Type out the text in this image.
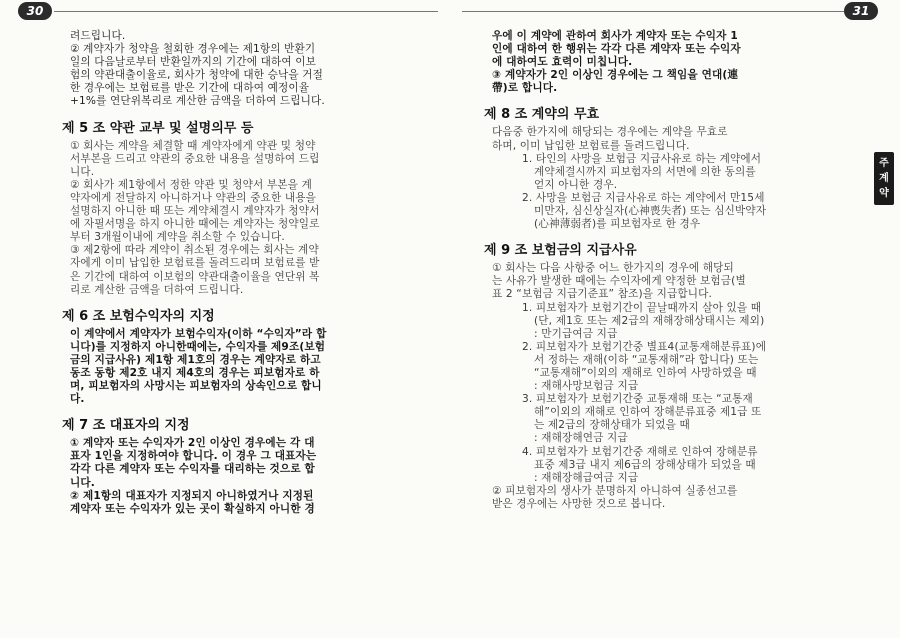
30
려드립니다.
② 계약자가 청약을 철회한 경우에는 제1항의 반환기
일의 다음날로부터 반환일까지의 기간에 대하여 이보
험의 약관대출이율로, 회사가 청약에 대한 승낙을 거절
한 경우에는 보험료를 받은 기간에 대하여 예정이율
+1%를 연단위복리로 계산한 금액을 더하여 드립니다.
제 5 조 약관 교부 및 설명의무 등
① 회사는 계약을 체결할 때 계약자에게 약관 및 청약
서부본을 드리고 약관의 중요한 내용을 설명하여 드립
니다.
② 회사가 제1항에서 정한 약관 및 청약서 부본을 계
약자에게 전달하지 아니하거나 약관의 중요한 내용을
설명하지 아니한 때 또는 계약체결시 계약자가 청약서
에 자필서명을 하지 아니한 때에는 계약자는 청약일로
부터 3개월이내에 계약을 취소할 수 있습니다.
③ 제2항에 따라 계약이 취소된 경우에는 회사는 계약
자에게 이미 납입한 보험료를 돌려드리며 보험료를 받
은 기간에 대하여 이보험의 약관대출이율을 연단위 복
리로 계산한 금액을 더하여 드립니다.
제 6 조 보험수익자의 지정
이 계약에서 계약자가 보험수익자(이하 “수익자”라 합
니다)를 지정하지 아니한때에는, 수익자를 제9조(보험
금의 지급사유) 제1항 제1호의 경우는 계약자로 하고
동조 동항 제2호 내지 제4호의 경우는 피보험자로 하
며, 피보험자의 사망시는 피보험자의 상속인으로 합니
다.
제 7 조 대표자의 지정
① 계약자 또는 수익자가 2인 이상인 경우에는 각 대
표자 1인을 지정하여야 합니다. 이 경우 그 대표자는
각각 다른 계약자 또는 수익자를 대리하는 것으로 합
니다.
② 제1항의 대표자가 지정되지 아니하였거나 지정된
계약자 또는 수익자가 있는 곳이 확실하지 아니한 경
31
주
계
약
우에 이 계약에 관하여 회사가 계약자 또는 수익자 1
인에 대하여 한 행위는 각각 다른 계약자 또는 수익자
에 대하여도 효력이 미칩니다.
③ 계약자가 2인 이상인 경우에는 그 책임을 연대(連
帶)로 합니다.
제 8 조 계약의 무효
다음중 한가지에 해당되는 경우에는 계약을 무효로
하며, 이미 납입한 보험료를 돌려드립니다.
1. 타인의 사망을 보험금 지급사유로 하는 계약에서
계약체결시까지 피보험자의 서면에 의한 동의를
얻지 아니한 경우.
2. 사망을 보험금 지급사유로 하는 계약에서 만15세
미만자, 심신상실자(心神喪失者) 또는 심신박약자
(心神薄弱者)를 피보험자로 한 경우
제 9 조 보험금의 지급사유
① 회사는 다음 사항중 어느 한가지의 경우에 해당되
는 사유가 발생한 때에는 수익자에게 약정한 보험금(별
표 2 “보험금 지급기준표” 참조)을 지급합니다.
1. 피보험자가 보험기간이 끝날때까지 살아 있을 때
(단, 제1호 또는 제2급의 재해장해상태시는 제외)
: 만기급여금 지급
2. 피보험자가 보험기간중 별표4(교통재해분류표)에
서 정하는 재해(이하 “교통재해”라 합니다) 또는
“교통재해”이외의 재해로 인하여 사망하였을 때
: 재해사망보험금 지급
3. 피보험자가 보험기간중 교통재해 또는 “교통재
해”이외의 재해로 인하여 장해분류표중 제1급 또
는 제2급의 장해상태가 되었을 때
: 재해장해연금 지급
4. 피보험자가 보험기간중 재해로 인하여 장해분류
표중 제3급 내지 제6급의 장해상태가 되었을 때
: 재해장해급여금 지급
② 피보험자의 생사가 분명하지 아니하여 실종선고를
받은 경우에는 사망한 것으로 봅니다.
